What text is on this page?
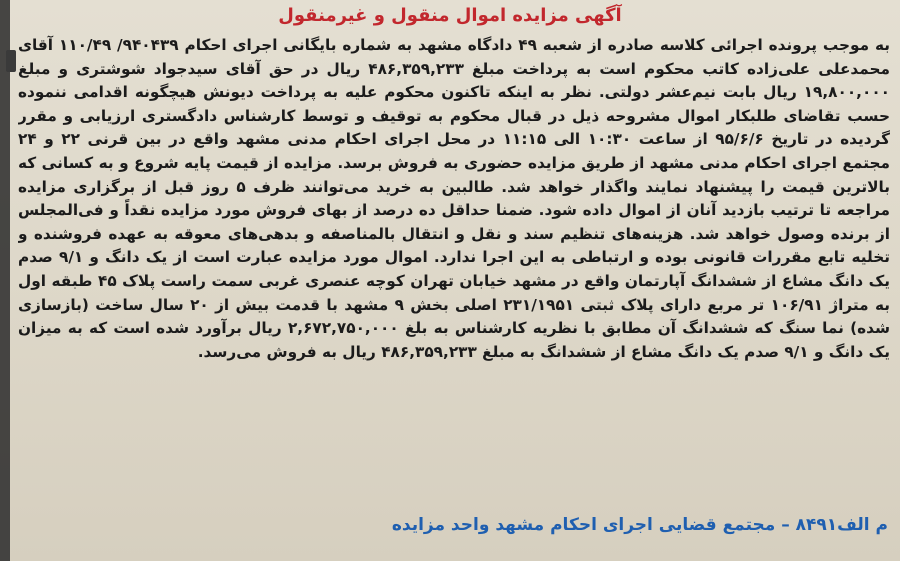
آگهی مزایده اموال منقول و غیرمنقول

به موجب پرونده اجرائی کلاسه صادره از شعبه ۴۹ دادگاه مشهد به شماره بایگانی اجرای احکام ۹۴۰۴۳۹/ ۱۱۰/۴۹ آقای محمدعلی علی‌زاده کاتب محکوم است به پرداخت مبلغ ۴۸۶,۳۵۹,۲۳۳ ریال در حق آقای سیدجواد شوشتری و مبلغ ۱۹,۸۰۰,۰۰۰ ریال بابت نیم‌عشر دولتی. نظر به اینکه تاکنون محکوم علیه به پرداخت دیونش هیچگونه اقدامی ننموده حسب تقاضای طلبکار اموال مشروحه ذیل در قبال محکوم به توقیف و توسط کارشناس دادگستری ارزیابی و مقرر گردیده در تاریخ ۹۵/۶/۶ از ساعت ۱۰:۳۰ الی ۱۱:۱۵ در محل اجرای احکام مدنی مشهد واقع در بین قرنی ۲۲ و ۲۴ مجتمع اجرای احکام مدنی مشهد از طریق مزایده حضوری به فروش برسد. مزایده از قیمت پایه شروع و به کسانی که بالاترین قیمت را پیشنهاد نمایند واگذار خواهد شد. طالبین به خرید می‌توانند ظرف ۵ روز قبل از برگزاری مزایده مراجعه تا ترتیب بازدید آنان از اموال داده شود. ضمنا حداقل ده درصد از بهای فروش مورد مزایده نقداً و فی‌المجلس از برنده وصول خواهد شد. هزینه‌های تنظیم سند و نقل و انتقال بالمناصفه و بدهی‌های معوقه به عهده فروشنده و تخلیه تابع مقررات قانونی بوده و ارتباطی به این اجرا ندارد. اموال مورد مزایده عبارت است از یک دانگ و ۹/۱ صدم یک دانگ مشاع از ششدانگ آپارتمان واقع در مشهد خیابان تهران کوچه عنصری غربی سمت راست پلاک ۴۵ طبقه اول به متراژ ۱۰۶/۹۱ تر مربع دارای پلاک ثبتی ۲۳۱/۱۹۵۱ اصلی بخش ۹ مشهد با قدمت بیش از ۲۰ سال ساخت (بازسازی شده) نما سنگ که ششدانگ آن مطابق با نظریه کارشناس به بلغ ۲,۶۷۲,۷۵۰,۰۰۰ ریال برآورد شده است که به میزان یک دانگ و ۹/۱ صدم یک دانگ مشاع از ششدانگ به مبلغ ۴۸۶,۳۵۹,۲۳۳ ریال به فروش می‌رسد.

م الف۸۴۹۱ – مجتمع قضایی اجرای احکام مشهد واحد مزایده
